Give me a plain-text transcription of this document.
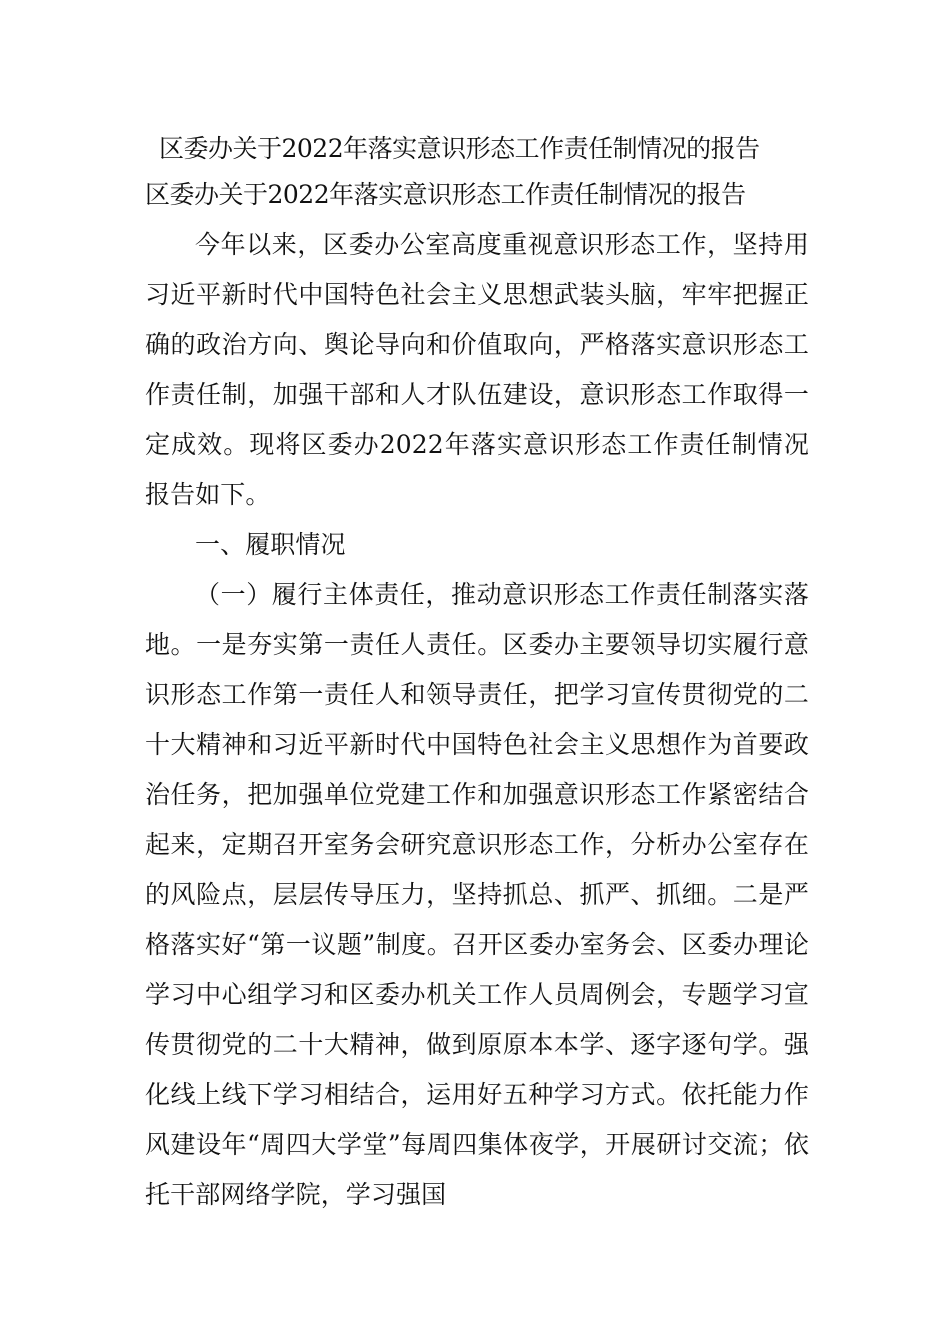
区委办关于2022年落实意识形态工作责任制情况的报告

区委办关于2022年落实意识形态工作责任制情况的报告

今年以来，区委办公室高度重视意识形态工作，坚持用习近平新时代中国特色社会主义思想武装头脑，牢牢把握正确的政治方向、舆论导向和价值取向，严格落实意识形态工作责任制，加强干部和人才队伍建设，意识形态工作取得一定成效。现将区委办2022年落实意识形态工作责任制情况报告如下。

一、履职情况

（一）履行主体责任，推动意识形态工作责任制落实落地。一是夯实第一责任人责任。区委办主要领导切实履行意识形态工作第一责任人和领导责任，把学习宣传贯彻党的二十大精神和习近平新时代中国特色社会主义思想作为首要政治任务，把加强单位党建工作和加强意识形态工作紧密结合起来，定期召开室务会研究意识形态工作，分析办公室存在的风险点，层层传导压力，坚持抓总、抓严、抓细。二是严格落实好“第一议题”制度。召开区委办室务会、区委办理论学习中心组学习和区委办机关工作人员周例会，专题学习宣传贯彻党的二十大精神，做到原原本本学、逐字逐句学。强化线上线下学习相结合，运用好五种学习方式。依托能力作风建设年“周四大学堂”每周四集体夜学，开展研讨交流；依托干部网络学院，学习强国
